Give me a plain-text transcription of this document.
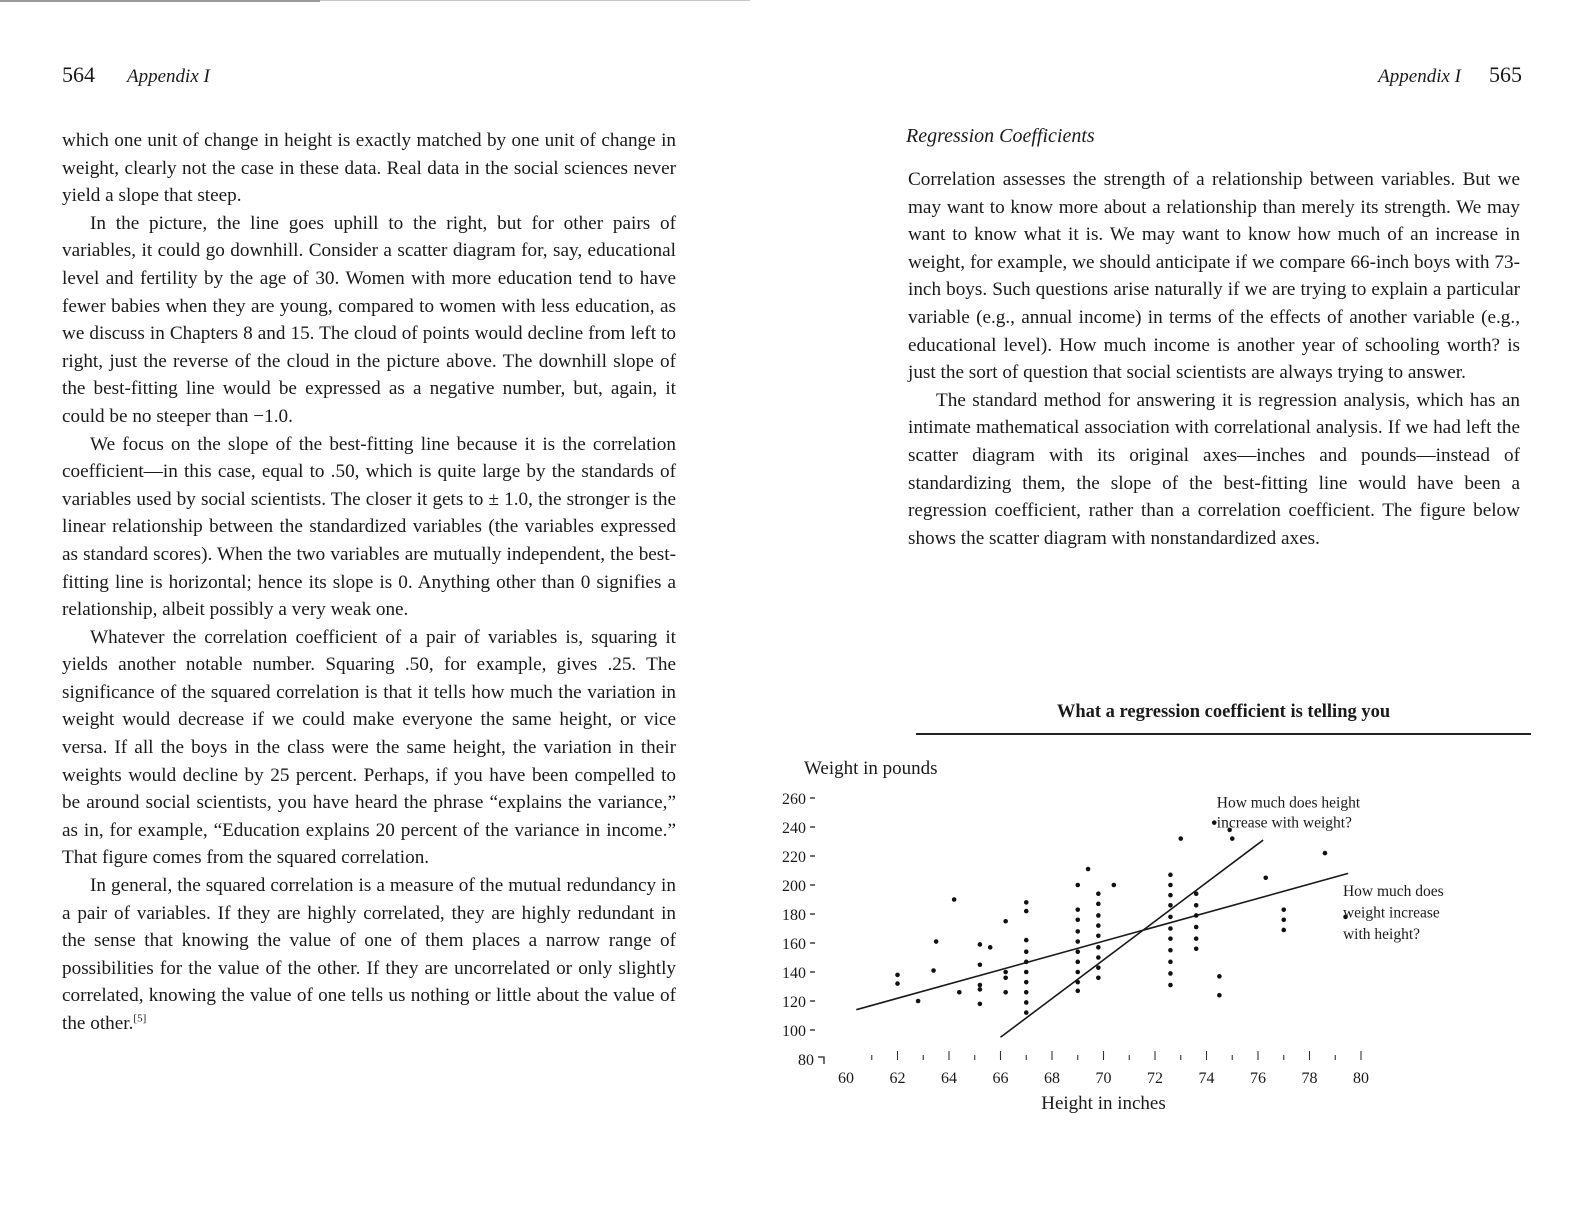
564 Appendix I

which one unit of change in height is exactly matched by one unit of change in weight, clearly not the case in these data. Real data in the social sciences never yield a slope that steep.

In the picture, the line goes uphill to the right, but for other pairs of variables, it could go downhill. Consider a scatter diagram for, say, educational level and fertility by the age of 30. Women with more education tend to have fewer babies when they are young, compared to women with less education, as we discuss in Chapters 8 and 15. The cloud of points would decline from left to right, just the reverse of the cloud in the picture above. The downhill slope of the best-fitting line would be expressed as a negative number, but, again, it could be no steeper than −1.0.

We focus on the slope of the best-fitting line because it is the correlation coefficient—in this case, equal to .50, which is quite large by the standards of variables used by social scientists. The closer it gets to ± 1.0, the stronger is the linear relationship between the standardized variables (the variables expressed as standard scores). When the two variables are mutually independent, the best-fitting line is horizontal; hence its slope is 0. Anything other than 0 signifies a relationship, albeit possibly a very weak one.

Whatever the correlation coefficient of a pair of variables is, squaring it yields another notable number. Squaring .50, for example, gives .25. The significance of the squared correlation is that it tells how much the variation in weight would decrease if we could make everyone the same height, or vice versa. If all the boys in the class were the same height, the variation in their weights would decline by 25 percent. Perhaps, if you have been compelled to be around social scientists, you have heard the phrase “explains the variance,” as in, for example, “Education explains 20 percent of the variance in income.” That figure comes from the squared correlation.

In general, the squared correlation is a measure of the mutual redundancy in a pair of variables. If they are highly correlated, they are highly redundant in the sense that knowing the value of one of them places a narrow range of possibilities for the value of the other. If they are uncorrelated or only slightly correlated, knowing the value of one tells us nothing or little about the value of the other.[5]

Appendix I 565
Regression Coefficients

Correlation assesses the strength of a relationship between variables. But we may want to know more about a relationship than merely its strength. We may want to know what it is. We may want to know how much of an increase in weight, for example, we should anticipate if we compare 66-inch boys with 73-inch boys. Such questions arise naturally if we are trying to explain a particular variable (e.g., annual income) in terms of the effects of another variable (e.g., educational level). How much income is another year of schooling worth? is just the sort of question that social scientists are always trying to answer.

The standard method for answering it is regression analysis, which has an intimate mathematical association with correlational analysis. If we had left the scatter diagram with its original axes—inches and pounds—instead of standardizing them, the slope of the best-fitting line would have been a regression coefficient, rather than a correlation coefficient. The figure below shows the scatter diagram with nonstandardized axes.

What a regression coefficient is telling you
80
100
120
140
160
180
200
220
240
260
60 62 64 66 68 70 72 74 76 78 80
Weight in pounds
Height in inches
How much does height
increase with weight?
How much does
weight increase
with height?
